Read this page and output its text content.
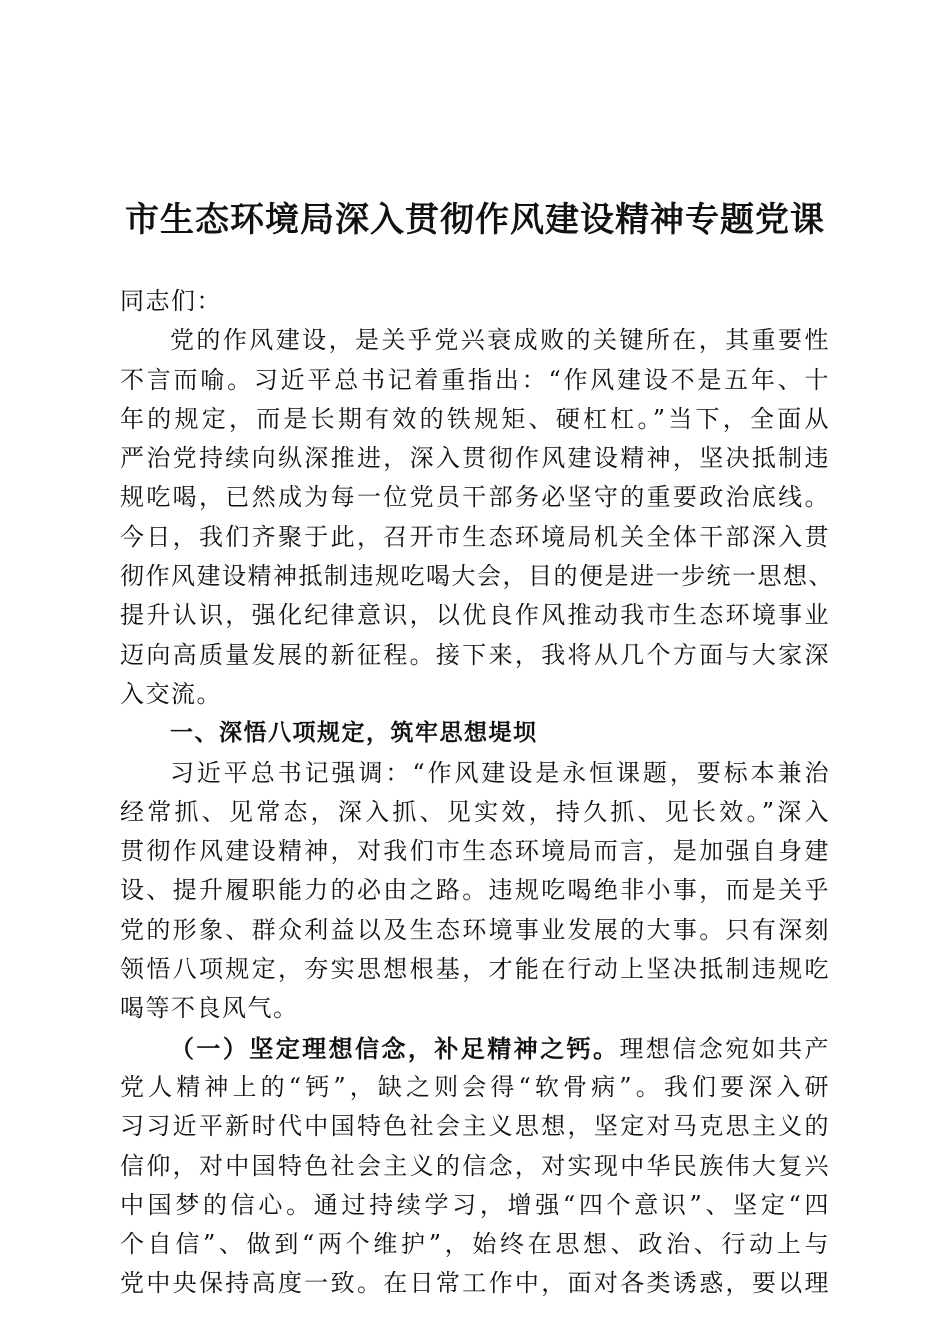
市生态环境局深入贯彻作风建设精神专题党课
同志们：
党的作风建设，是关乎党兴衰成败的关键所在，其重要性
不言而喻。习近平总书记着重指出：“作风建设不是五年、十
年的规定，而是长期有效的铁规矩、硬杠杠。”当下，全面从
严治党持续向纵深推进，深入贯彻作风建设精神，坚决抵制违
规吃喝，已然成为每一位党员干部务必坚守的重要政治底线。
今日，我们齐聚于此，召开市生态环境局机关全体干部深入贯
彻作风建设精神抵制违规吃喝大会，目的便是进一步统一思想、
提升认识，强化纪律意识，以优良作风推动我市生态环境事业
迈向高质量发展的新征程。接下来，我将从几个方面与大家深
入交流。
一、深悟八项规定，筑牢思想堤坝
习近平总书记强调：“作风建设是永恒课题，要标本兼治
经常抓、见常态，深入抓、见实效，持久抓、见长效。”深入
贯彻作风建设精神，对我们市生态环境局而言，是加强自身建
设、提升履职能力的必由之路。违规吃喝绝非小事，而是关乎
党的形象、群众利益以及生态环境事业发展的大事。只有深刻
领悟八项规定，夯实思想根基，才能在行动上坚决抵制违规吃
喝等不良风气。
（一）坚定理想信念，补足精神之钙。理想信念宛如共产
党人精神上的“钙”，缺之则会得“软骨病”。我们要深入研
习习近平新时代中国特色社会主义思想，坚定对马克思主义的
信仰，对中国特色社会主义的信念，对实现中华民族伟大复兴
中国梦的信心。通过持续学习，增强“四个意识”、坚定“四
个自信”、做到“两个维护”，始终在思想、政治、行动上与
党中央保持高度一致。在日常工作中，面对各类诱惑，要以理
